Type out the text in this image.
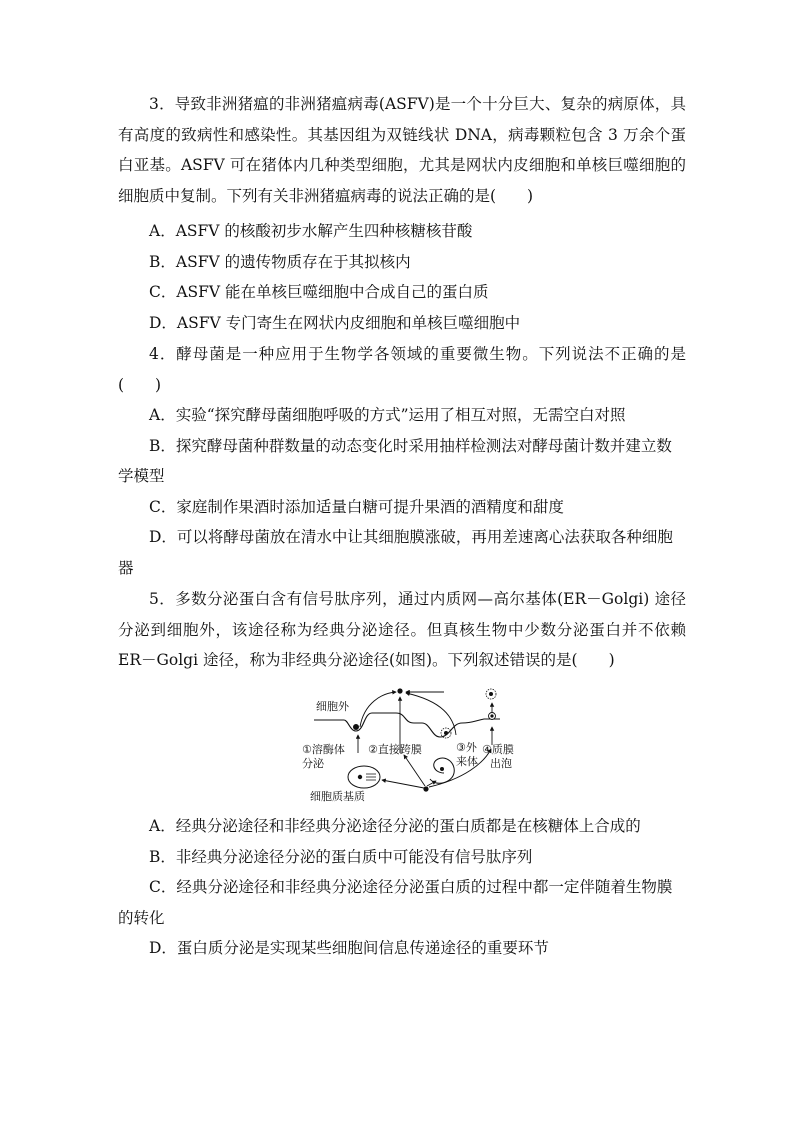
3．导致非洲猪瘟的非洲猪瘟病毒(ASFV)是一个十分巨大、复杂的病原体，具有高度的致病性和感染性。其基因组为双链线状 DNA，病毒颗粒包含 3 万余个蛋白亚基。ASFV 可在猪体内几种类型细胞，尤其是网状内皮细胞和单核巨噬细胞的细胞质中复制。下列有关非洲猪瘟病毒的说法正确的是(　　)

A．ASFV 的核酸初步水解产生四种核糖核苷酸

B．ASFV 的遗传物质存在于其拟核内

C．ASFV 能在单核巨噬细胞中合成自己的蛋白质

D．ASFV 专门寄生在网状内皮细胞和单核巨噬细胞中

4．酵母菌是一种应用于生物学各领域的重要微生物。下列说法不正确的是(　　)

A．实验“探究酵母菌细胞呼吸的方式”运用了相互对照，无需空白对照

B．探究酵母菌种群数量的动态变化时采用抽样检测法对酵母菌计数并建立数学模型

C．家庭制作果酒时添加适量白糖可提升果酒的酒精度和甜度

D．可以将酵母菌放在清水中让其细胞膜涨破，再用差速离心法获取各种细胞器

5．多数分泌蛋白含有信号肽序列，通过内质网—高尔基体(ER－Golgi) 途径分泌到细胞外，该途径称为经典分泌途径。但真核生物中少数分泌蛋白并不依赖 ER－Golgi 途径，称为非经典分泌途径(如图)。下列叙述错误的是(　　)

细胞外
①溶酶体
分泌
②直接跨膜	③外
来体
④质膜
出泡
细胞质基质

A．经典分泌途径和非经典分泌途径分泌的蛋白质都是在核糖体上合成的

B．非经典分泌途径分泌的蛋白质中可能没有信号肽序列

C．经典分泌途径和非经典分泌途径分泌蛋白质的过程中都一定伴随着生物膜的转化

D．蛋白质分泌是实现某些细胞间信息传递途径的重要环节
